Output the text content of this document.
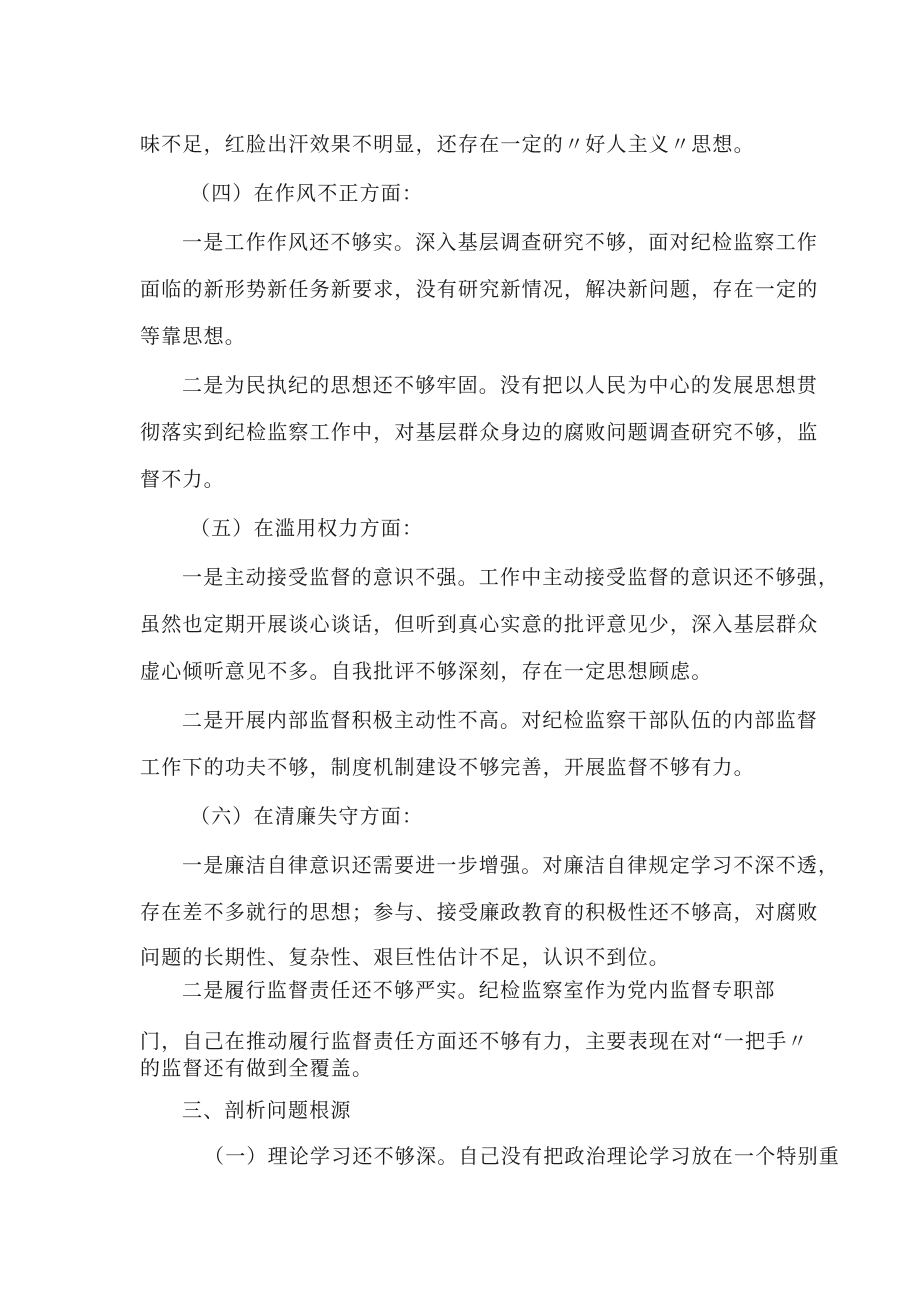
味不足，红脸出汗效果不明显，还存在一定的〃好人主义〃思想。
（四）在作风不正方面：
一是工作作风还不够实。深入基层调查研究不够，面对纪检监察工作
面临的新形势新任务新要求，没有研究新情况，解决新问题，存在一定的
等靠思想。
二是为民执纪的思想还不够牢固。没有把以人民为中心的发展思想贯
彻落实到纪检监察工作中，对基层群众身边的腐败问题调查研究不够，监
督不力。
（五）在滥用权力方面：
一是主动接受监督的意识不强。工作中主动接受监督的意识还不够强，
虽然也定期开展谈心谈话，但听到真心实意的批评意见少，深入基层群众
虚心倾听意见不多。自我批评不够深刻，存在一定思想顾虑。
二是开展内部监督积极主动性不高。对纪检监察干部队伍的内部监督
工作下的功夫不够，制度机制建设不够完善，开展监督不够有力。
（六）在清廉失守方面：
一是廉洁自律意识还需要进一步增强。对廉洁自律规定学习不深不透，
存在差不多就行的思想；参与、接受廉政教育的积极性还不够高，对腐败
问题的长期性、复杂性、艰巨性估计不足，认识不到位。
二是履行监督责任还不够严实。纪检监察室作为党内监督专职部
门，自己在推动履行监督责任方面还不够有力，主要表现在对“一把手〃
的监督还有做到全覆盖。
三、剖析问题根源
（一）理论学习还不够深。自己没有把政治理论学习放在一个特别重
